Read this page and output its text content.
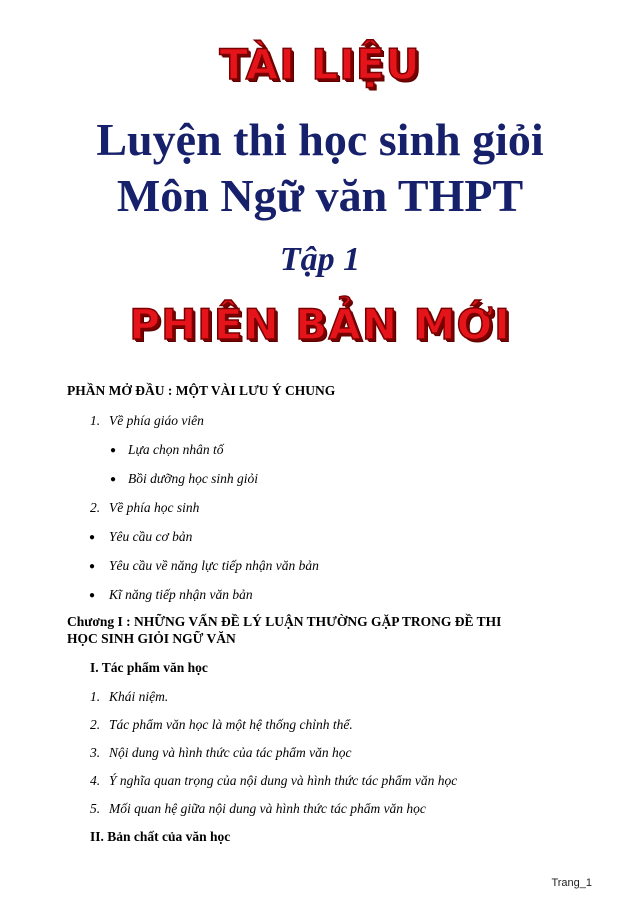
TÀI LIỆU
Luyện thi học sinh giỏi
Môn Ngữ văn THPT
Tập 1
PHIÊN BẢN MỚI
PHẦN MỞ ĐẦU : MỘT VÀI LƯU Ý CHUNG
1. Về phía giáo viên
● Lựa chọn nhân tố
● Bồi dưỡng học sinh giỏi
2. Về phía học sinh
● Yêu cầu cơ bản
● Yêu cầu về năng lực tiếp nhận văn bản
● Kĩ năng tiếp nhận văn bản
Chương I : NHỮNG VẤN ĐỀ LÝ LUẬN THƯỜNG GẶP TRONG ĐỀ THI
HỌC SINH GIỎI NGỮ VĂN
I. Tác phẩm văn học
1. Khái niệm.
2. Tác phẩm văn học là một hệ thống chỉnh thể.
3. Nội dung và hình thức của tác phẩm văn học
4. Ý nghĩa quan trọng của nội dung và hình thức tác phẩm văn học
5. Mối quan hệ giữa nội dung và hình thức tác phẩm văn học
II. Bản chất của văn học
Trang_1
